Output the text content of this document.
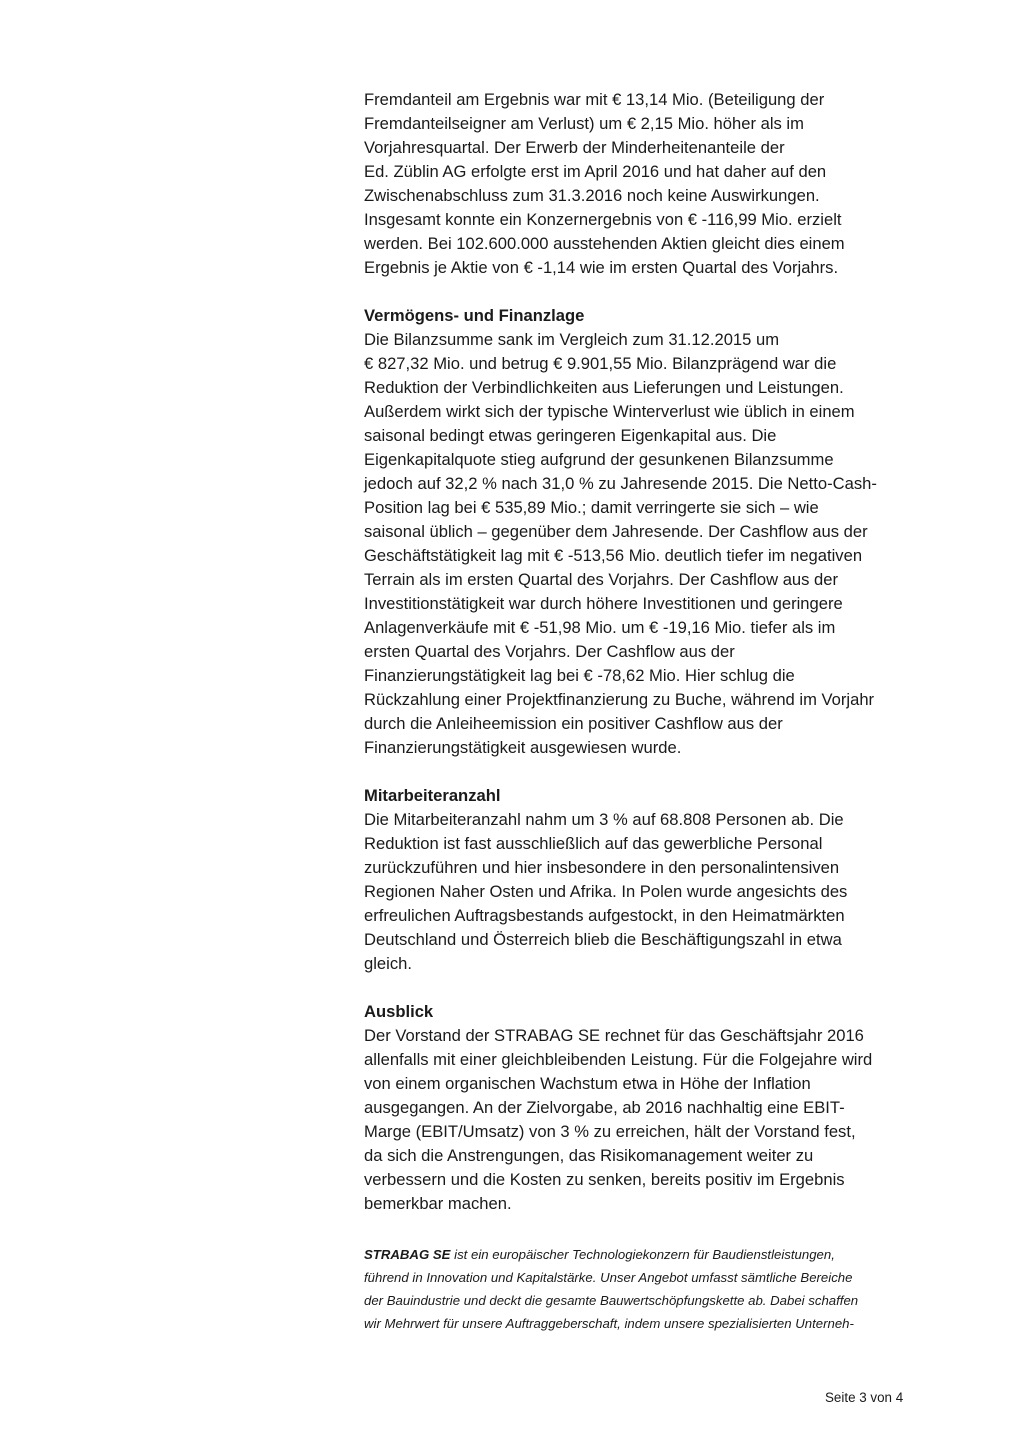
Fremdanteil am Ergebnis war mit € 13,14 Mio. (Beteiligung der
Fremdanteilseigner am Verlust) um € 2,15 Mio. höher als im
Vorjahresquartal. Der Erwerb der Minderheitenanteile der
Ed. Züblin AG erfolgte erst im April 2016 und hat daher auf den
Zwischenabschluss zum 31.3.2016 noch keine Auswirkungen.
Insgesamt konnte ein Konzernergebnis von € -116,99 Mio. erzielt
werden. Bei 102.600.000 ausstehenden Aktien gleicht dies einem
Ergebnis je Aktie von € -1,14 wie im ersten Quartal des Vorjahrs.

Vermögens- und Finanzlage

Die Bilanzsumme sank im Vergleich zum 31.12.2015 um
€ 827,32 Mio. und betrug € 9.901,55 Mio. Bilanzprägend war die
Reduktion der Verbindlichkeiten aus Lieferungen und Leistungen.
Außerdem wirkt sich der typische Winterverlust wie üblich in einem
saisonal bedingt etwas geringeren Eigenkapital aus. Die
Eigenkapitalquote stieg aufgrund der gesunkenen Bilanzsumme
jedoch auf 32,2 % nach 31,0 % zu Jahresende 2015. Die Netto-Cash-
Position lag bei € 535,89 Mio.; damit verringerte sie sich – wie
saisonal üblich – gegenüber dem Jahresende. Der Cashflow aus der
Geschäftstätigkeit lag mit € -513,56 Mio. deutlich tiefer im negativen
Terrain als im ersten Quartal des Vorjahrs. Der Cashflow aus der
Investitionstätigkeit war durch höhere Investitionen und geringere
Anlagenverkäufe mit € -51,98 Mio. um € -19,16 Mio. tiefer als im
ersten Quartal des Vorjahrs. Der Cashflow aus der
Finanzierungstätigkeit lag bei € -78,62 Mio. Hier schlug die
Rückzahlung einer Projektfinanzierung zu Buche, während im Vorjahr
durch die Anleiheemission ein positiver Cashflow aus der
Finanzierungstätigkeit ausgewiesen wurde.

Mitarbeiteranzahl

Die Mitarbeiteranzahl nahm um 3 % auf 68.808 Personen ab. Die
Reduktion ist fast ausschließlich auf das gewerbliche Personal
zurückzuführen und hier insbesondere in den personalintensiven
Regionen Naher Osten und Afrika. In Polen wurde angesichts des
erfreulichen Auftragsbestands aufgestockt, in den Heimatmärkten
Deutschland und Österreich blieb die Beschäftigungszahl in etwa
gleich.

Ausblick

Der Vorstand der STRABAG SE rechnet für das Geschäftsjahr 2016
allenfalls mit einer gleichbleibenden Leistung. Für die Folgejahre wird
von einem organischen Wachstum etwa in Höhe der Inflation
ausgegangen. An der Zielvorgabe, ab 2016 nachhaltig eine EBIT-
Marge (EBIT/Umsatz) von 3 % zu erreichen, hält der Vorstand fest,
da sich die Anstrengungen, das Risikomanagement weiter zu
verbessern und die Kosten zu senken, bereits positiv im Ergebnis
bemerkbar machen.

STRABAG SE ist ein europäischer Technologiekonzern für Baudienstleistungen,
führend in Innovation und Kapitalstärke. Unser Angebot umfasst sämtliche Bereiche
der Bauindustrie und deckt die gesamte Bauwertschöpfungskette ab. Dabei schaffen
wir Mehrwert für unsere Auftraggeberschaft, indem unsere spezialisierten Unterneh-
Seite 3 von 4
